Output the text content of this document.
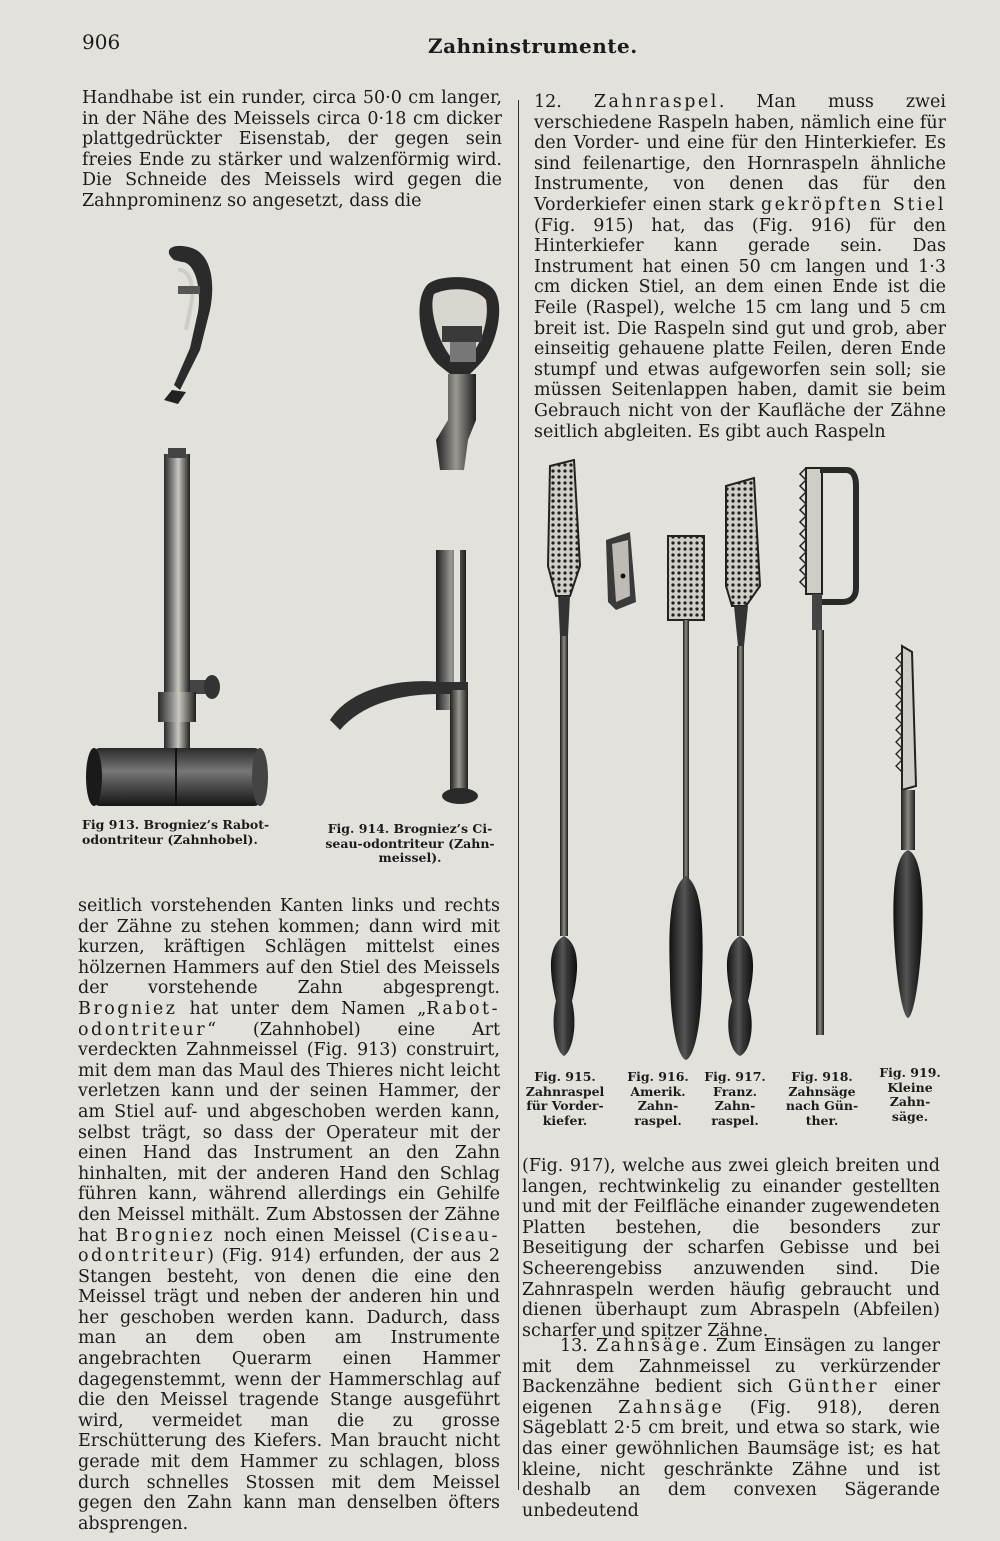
906	Zahninstrumente.

Handhabe ist ein runder, circa 50·0 cm langer, in der Nähe des Meissels circa 0·18 cm dicker plattgedrückter Eisenstab, der gegen sein freies Ende zu stärker und walzenförmig wird. Die Schneide des Meissels wird gegen die Zahnprominenz so angesetzt, dass die

Fig 913. Brogniez’s Rabot-
odontriteur (Zahnhobel).

Fig. 914. Brogniez’s Ci-
seau-odontriteur (Zahn-
meissel).

seitlich vorstehenden Kanten links und rechts der Zähne zu stehen kommen; dann wird mit kurzen, kräftigen Schlägen mittelst eines hölzernen Hammers auf den Stiel des Meissels der vorstehende Zahn abgesprengt. Brogniez hat unter dem Namen „Rabot-odontriteur“ (Zahnhobel) eine Art verdeckten Zahnmeissel (Fig. 913) construirt, mit dem man das Maul des Thieres nicht leicht verletzen kann und der seinen Hammer, der am Stiel auf- und abgeschoben werden kann, selbst trägt, so dass der Operateur mit der einen Hand das Instrument an den Zahn hinhalten, mit der anderen Hand den Schlag führen kann, während allerdings ein Gehilfe den Meissel mithält. Zum Abstossen der Zähne hat Brogniez noch einen Meissel (Ciseau-odontriteur) (Fig. 914) erfunden, der aus 2 Stangen besteht, von denen die eine den Meissel trägt und neben der anderen hin und her geschoben werden kann. Dadurch, dass man an dem oben am Instrumente angebrachten Querarm einen Hammer dagegenstemmt, wenn der Hammerschlag auf die den Meissel tragende Stange ausgeführt wird, vermeidet man die zu grosse Erschütterung des Kiefers. Man braucht nicht gerade mit dem Hammer zu schlagen, bloss durch schnelles Stossen mit dem Meissel gegen den Zahn kann man denselben öfters absprengen.

12. Zahnraspel. Man muss zwei verschiedene Raspeln haben, nämlich eine für den Vorder- und eine für den Hinterkiefer. Es sind feilenartige, den Hornraspeln ähnliche Instrumente, von denen das für den Vorderkiefer einen stark gekröpften Stiel (Fig. 915) hat, das (Fig. 916) für den Hinterkiefer kann gerade sein. Das Instrument hat einen 50 cm langen und 1·3 cm dicken Stiel, an dem einen Ende ist die Feile (Raspel), welche 15 cm lang und 5 cm breit ist. Die Raspeln sind gut und grob, aber einseitig gehauene platte Feilen, deren Ende stumpf und etwas aufgeworfen sein soll; sie müssen Seitenlappen haben, damit sie beim Gebrauch nicht von der Kaufläche der Zähne seitlich abgleiten. Es gibt auch Raspeln

Fig. 915.
Zahnraspel
für Vorder-
kiefer.

Fig. 916.
Amerik.
Zahn-
raspel.

Fig. 917.
Franz.
Zahn-
raspel.

Fig. 918.
Zahnsäge
nach Gün-
ther.

Fig. 919.
Kleine
Zahn-
säge.

(Fig. 917), welche aus zwei gleich breiten und langen, rechtwinkelig zu einander gestellten und mit der Feilfläche einander zugewendeten Platten bestehen, die besonders zur Beseitigung der scharfen Gebisse und bei Scheerengebiss anzuwenden sind. Die Zahnraspeln werden häufig gebraucht und dienen überhaupt zum Abraspeln (Abfeilen) scharfer und spitzer Zähne.

13. Zahnsäge. Zum Einsägen zu langer mit dem Zahnmeissel zu verkürzender Backenzähne bedient sich Günther einer eigenen Zahnsäge (Fig. 918), deren Sägeblatt 2·5 cm breit, und etwa so stark, wie das einer gewöhnlichen Baumsäge ist; es hat kleine, nicht geschränkte Zähne und ist deshalb an dem convexen Sägerande unbedeutend
